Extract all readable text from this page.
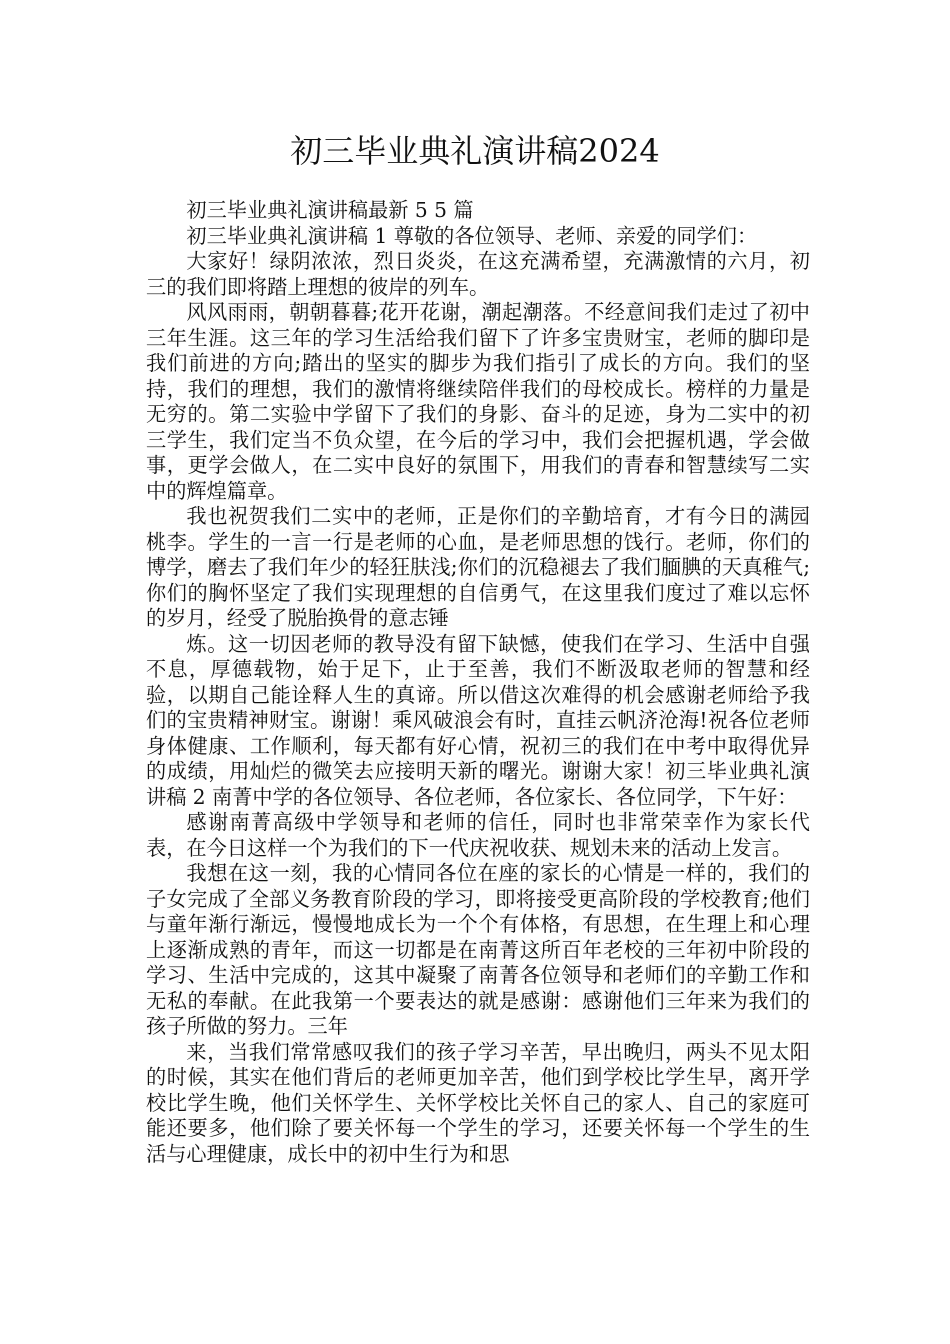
初三毕业典礼演讲稿2024

初三毕业典礼演讲稿最新 5 5 篇

初三毕业典礼演讲稿 1 尊敬的各位领导、老师、亲爱的同学们：

大家好！绿阴浓浓，烈日炎炎，在这充满希望，充满激情的六月，初三的我们即将踏上理想的彼岸的列车。

风风雨雨，朝朝暮暮;花开花谢，潮起潮落。不经意间我们走过了初中三年生涯。这三年的学习生活给我们留下了许多宝贵财宝，老师的脚印是我们前进的方向;踏出的坚实的脚步为我们指引了成长的方向。我们的坚持，我们的理想，我们的激情将继续陪伴我们的母校成长。榜样的力量是无穷的。第二实验中学留下了我们的身影、奋斗的足迹，身为二实中的初三学生，我们定当不负众望，在今后的学习中，我们会把握机遇，学会做事，更学会做人，在二实中良好的氛围下，用我们的青春和智慧续写二实中的辉煌篇章。

我也祝贺我们二实中的老师，正是你们的辛勤培育，才有今日的满园桃李。学生的一言一行是老师的心血，是老师思想的饯行。老师，你们的博学，磨去了我们年少的轻狂肤浅;你们的沉稳褪去了我们腼腆的天真稚气;你们的胸怀坚定了我们实现理想的自信勇气，在这里我们度过了难以忘怀的岁月，经受了脱胎换骨的意志锤

炼。这一切因老师的教导没有留下缺憾，使我们在学习、生活中自强不息，厚德载物，始于足下，止于至善，我们不断汲取老师的智慧和经验，以期自己能诠释人生的真谛。所以借这次难得的机会感谢老师给予我们的宝贵精神财宝。谢谢！乘风破浪会有时，直挂云帆济沧海!祝各位老师身体健康、工作顺利，每天都有好心情，祝初三的我们在中考中取得优异的成绩，用灿烂的微笑去应接明天新的曙光。谢谢大家！初三毕业典礼演讲稿 2 南菁中学的各位领导、各位老师，各位家长、各位同学，下午好：

感谢南菁高级中学领导和老师的信任，同时也非常荣幸作为家长代表，在今日这样一个为我们的下一代庆祝收获、规划未来的活动上发言。

我想在这一刻，我的心情同各位在座的家长的心情是一样的，我们的子女完成了全部义务教育阶段的学习，即将接受更高阶段的学校教育;他们与童年渐行渐远，慢慢地成长为一个个有体格，有思想，在生理上和心理上逐渐成熟的青年，而这一切都是在南菁这所百年老校的三年初中阶段的学习、生活中完成的，这其中凝聚了南菁各位领导和老师们的辛勤工作和无私的奉献。在此我第一个要表达的就是感谢：感谢他们三年来为我们的孩子所做的努力。三年

来，当我们常常感叹我们的孩子学习辛苦，早出晚归，两头不见太阳的时候，其实在他们背后的老师更加辛苦，他们到学校比学生早，离开学校比学生晚，他们关怀学生、关怀学校比关怀自己的家人、自己的家庭可能还要多，他们除了要关怀每一个学生的学习，还要关怀每一个学生的生活与心理健康，成长中的初中生行为和思
